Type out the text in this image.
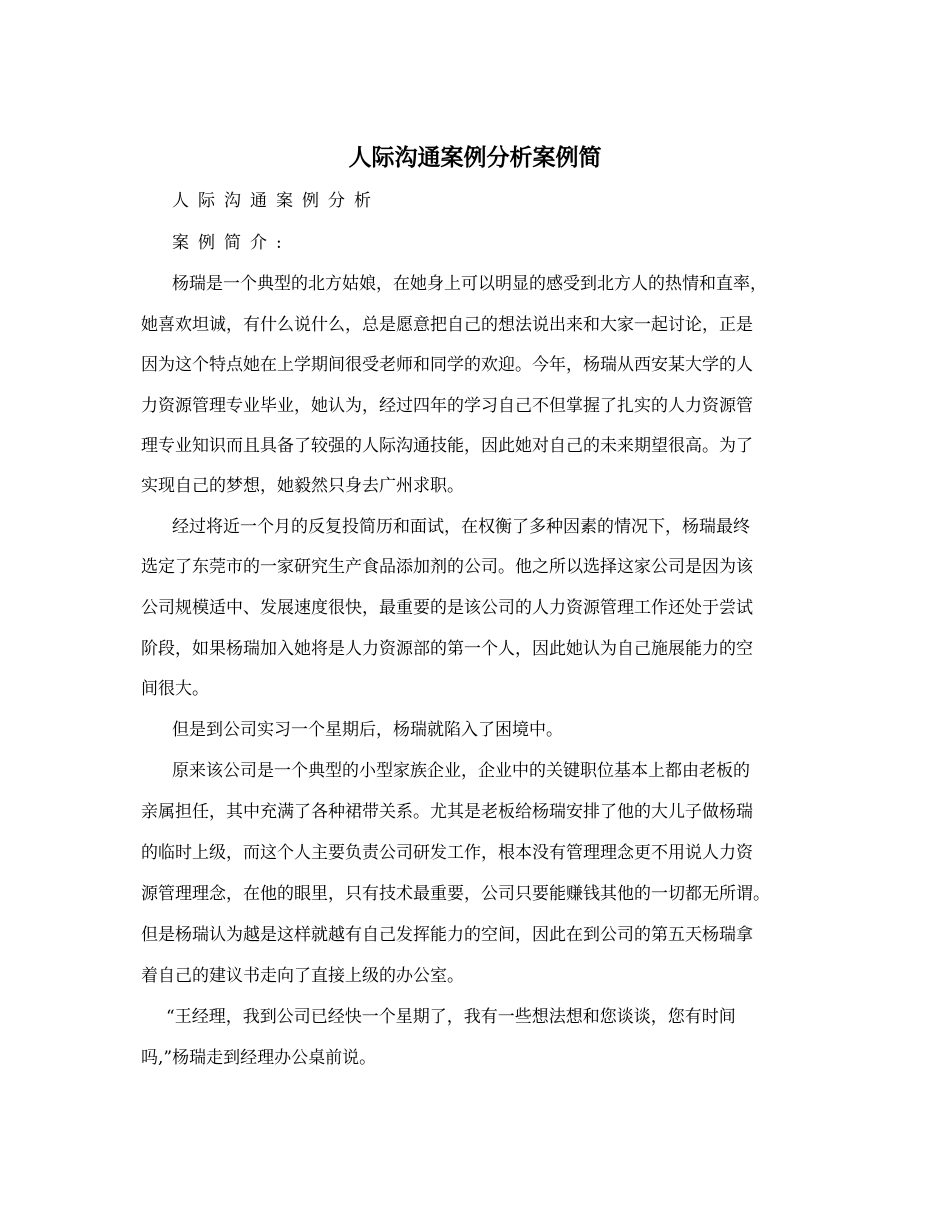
人际沟通案例分析案例简
人际沟通案例分析
案例简介:
杨瑞是一个典型的北方姑娘，在她身上可以明显的感受到北方人的热情和直率，
她喜欢坦诚，有什么说什么，总是愿意把自己的想法说出来和大家一起讨论，正是
因为这个特点她在上学期间很受老师和同学的欢迎。今年，杨瑞从西安某大学的人
力资源管理专业毕业，她认为，经过四年的学习自己不但掌握了扎实的人力资源管
理专业知识而且具备了较强的人际沟通技能，因此她对自己的未来期望很高。为了
实现自己的梦想，她毅然只身去广州求职。
经过将近一个月的反复投简历和面试，在权衡了多种因素的情况下，杨瑞最终
选定了东莞市的一家研究生产食品添加剂的公司。他之所以选择这家公司是因为该
公司规模适中、发展速度很快，最重要的是该公司的人力资源管理工作还处于尝试
阶段，如果杨瑞加入她将是人力资源部的第一个人，因此她认为自己施展能力的空
间很大。
但是到公司实习一个星期后，杨瑞就陷入了困境中。
原来该公司是一个典型的小型家族企业，企业中的关键职位基本上都由老板的
亲属担任，其中充满了各种裙带关系。尤其是老板给杨瑞安排了他的大儿子做杨瑞
的临时上级，而这个人主要负责公司研发工作，根本没有管理理念更不用说人力资
源管理理念，在他的眼里，只有技术最重要，公司只要能赚钱其他的一切都无所谓。
但是杨瑞认为越是这样就越有自己发挥能力的空间，因此在到公司的第五天杨瑞拿
着自己的建议书走向了直接上级的办公室。
“王经理，我到公司已经快一个星期了，我有一些想法想和您谈谈，您有时间
吗,”杨瑞走到经理办公桌前说。
